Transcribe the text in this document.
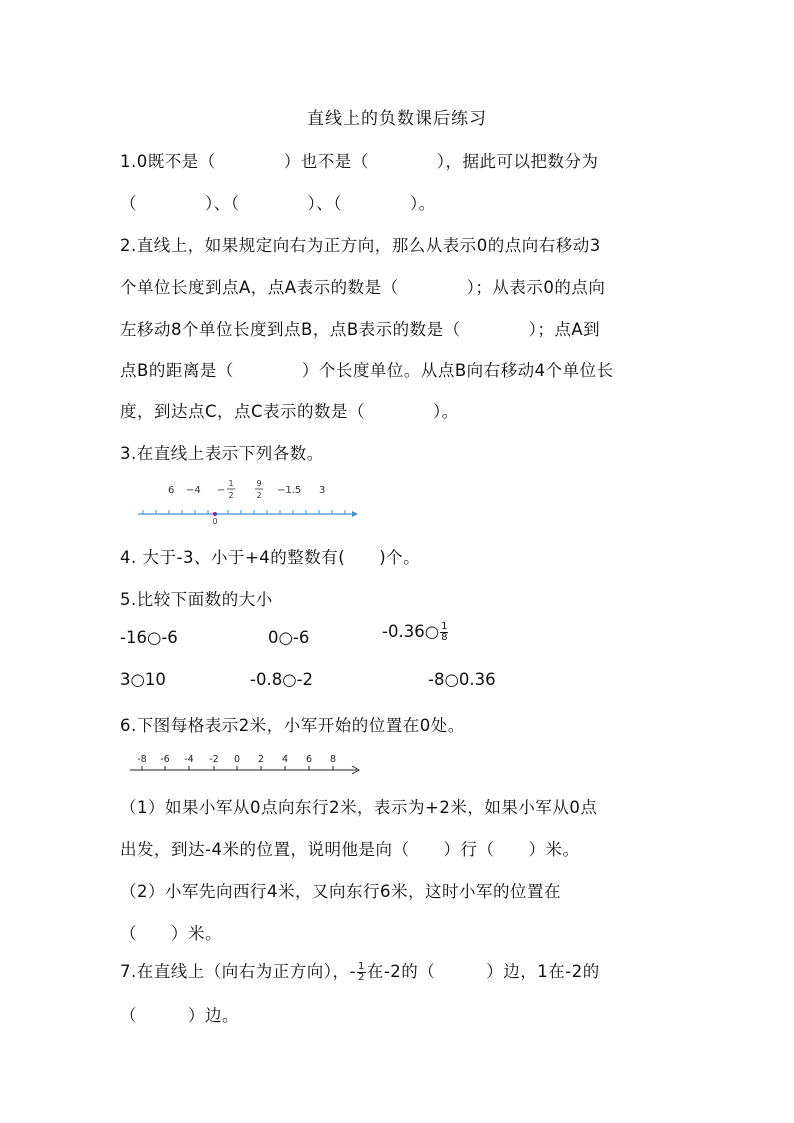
直线上的负数课后练习
1.0既不是（　　　　）也不是（　　　　），据此可以把数分为
（　　　　）、（　　　　）、（　　　　）。
2.直线上，如果规定向右为正方向，那么从表示0的点向右移动3
个单位长度到点A，点A表示的数是（　　　　）；从表示0的点向
左移动8个单位长度到点B，点B表示的数是（　　　　）；点A到
点B的距离是（　　　　）个长度单位。从点B向右移动4个单位长
度，到达点C，点C表示的数是（　　　　）。
3.在直线上表示下列各数。
6 −4 −
1
2
9
2 −1.5 3
0
4. 大于-3、小于+4的整数有(　　)个。
5.比较下面数的大小
-16○-6	0○-6	-0.36○ $\frac{1}{8}$
3○10	-0.8○-2	-8○0.36
6.下图每格表示2米，小军开始的位置在0处。
-8 -6 -4 -2 0 2 4 6 8
（1）如果小军从0点向东行2米，表示为+2米，如果小军从0点
出发，到达-4米的位置，说明他是向（　　）行（　　）米。
（2）小军先向西行4米，又向东行6米，这时小军的位置在
（　　）米。
7.在直线上（向右为正方向），- $\frac{1}{2}$ 在-2的（　　　）边，1在-2的
（　　　）边。
